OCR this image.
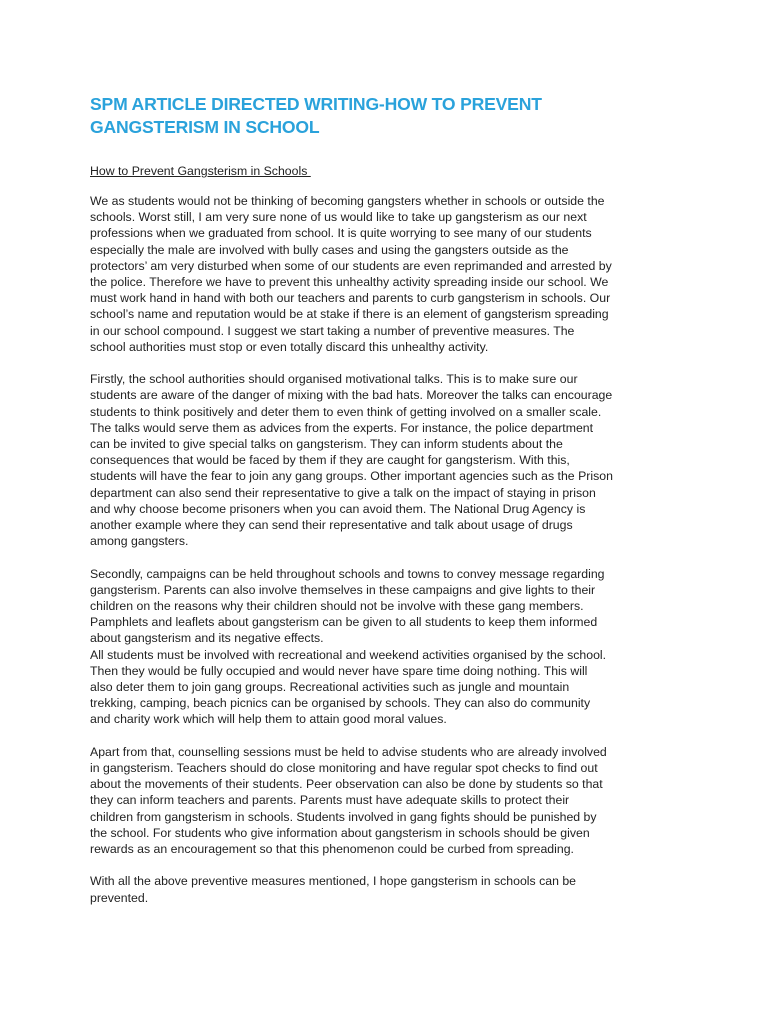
SPM ARTICLE DIRECTED WRITING-HOW TO PREVENT
GANGSTERISM IN SCHOOL
How to Prevent Gangsterism in Schools

We as students would not be thinking of becoming gangsters whether in schools or outside the
schools. Worst still, I am very sure none of us would like to take up gangsterism as our next
professions when we graduated from school. It is quite worrying to see many of our students
especially the male are involved with bully cases and using the gangsters outside as the
protectors’ am very disturbed when some of our students are even reprimanded and arrested by
the police. Therefore we have to prevent this unhealthy activity spreading inside our school. We
must work hand in hand with both our teachers and parents to curb gangsterism in schools. Our
school’s name and reputation would be at stake if there is an element of gangsterism spreading
in our school compound. I suggest we start taking a number of preventive measures. The
school authorities must stop or even totally discard this unhealthy activity.

Firstly, the school authorities should organised motivational talks. This is to make sure our
students are aware of the danger of mixing with the bad hats. Moreover the talks can encourage
students to think positively and deter them to even think of getting involved on a smaller scale.
The talks would serve them as advices from the experts. For instance, the police department
can be invited to give special talks on gangsterism. They can inform students about the
consequences that would be faced by them if they are caught for gangsterism. With this,
students will have the fear to join any gang groups. Other important agencies such as the Prison
department can also send their representative to give a talk on the impact of staying in prison
and why choose become prisoners when you can avoid them. The National Drug Agency is
another example where they can send their representative and talk about usage of drugs
among gangsters.

Secondly, campaigns can be held throughout schools and towns to convey message regarding
gangsterism. Parents can also involve themselves in these campaigns and give lights to their
children on the reasons why their children should not be involve with these gang members.
Pamphlets and leaflets about gangsterism can be given to all students to keep them informed
about gangsterism and its negative effects.
All students must be involved with recreational and weekend activities organised by the school.
Then they would be fully occupied and would never have spare time doing nothing. This will
also deter them to join gang groups. Recreational activities such as jungle and mountain
trekking, camping, beach picnics can be organised by schools. They can also do community
and charity work which will help them to attain good moral values.

Apart from that, counselling sessions must be held to advise students who are already involved
in gangsterism. Teachers should do close monitoring and have regular spot checks to find out
about the movements of their students. Peer observation can also be done by students so that
they can inform teachers and parents. Parents must have adequate skills to protect their
children from gangsterism in schools. Students involved in gang fights should be punished by
the school. For students who give information about gangsterism in schools should be given
rewards as an encouragement so that this phenomenon could be curbed from spreading.

With all the above preventive measures mentioned, I hope gangsterism in schools can be
prevented.
